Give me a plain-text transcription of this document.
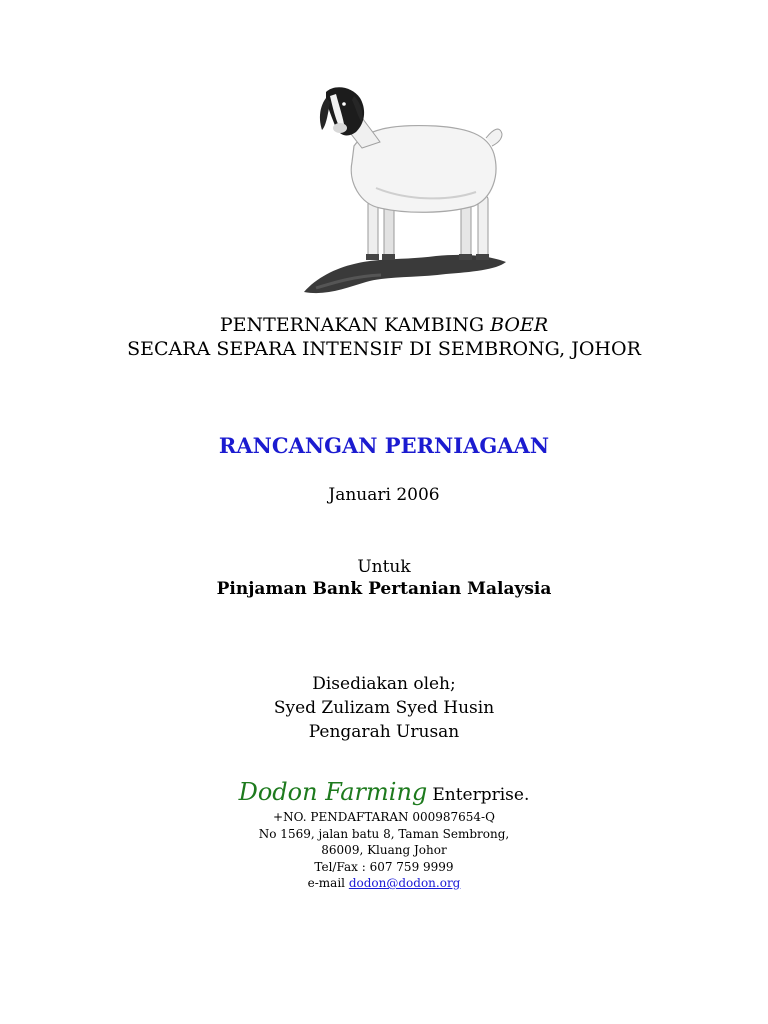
PENTERNAKAN KAMBING BOER
SECARA SEPARA INTENSIF DI SEMBRONG, JOHOR
RANCANGAN PERNIAGAAN
Januari 2006
Untuk
Pinjaman Bank Pertanian Malaysia
Disediakan oleh;
Syed Zulizam Syed Husin
Pengarah Urusan
Dodon Farming Enterprise.
+NO. PENDAFTARAN 000987654-Q
No 1569, jalan batu 8, Taman Sembrong,
86009, Kluang Johor
Tel/Fax : 607 759 9999
e-mail dodon@dodon.org
